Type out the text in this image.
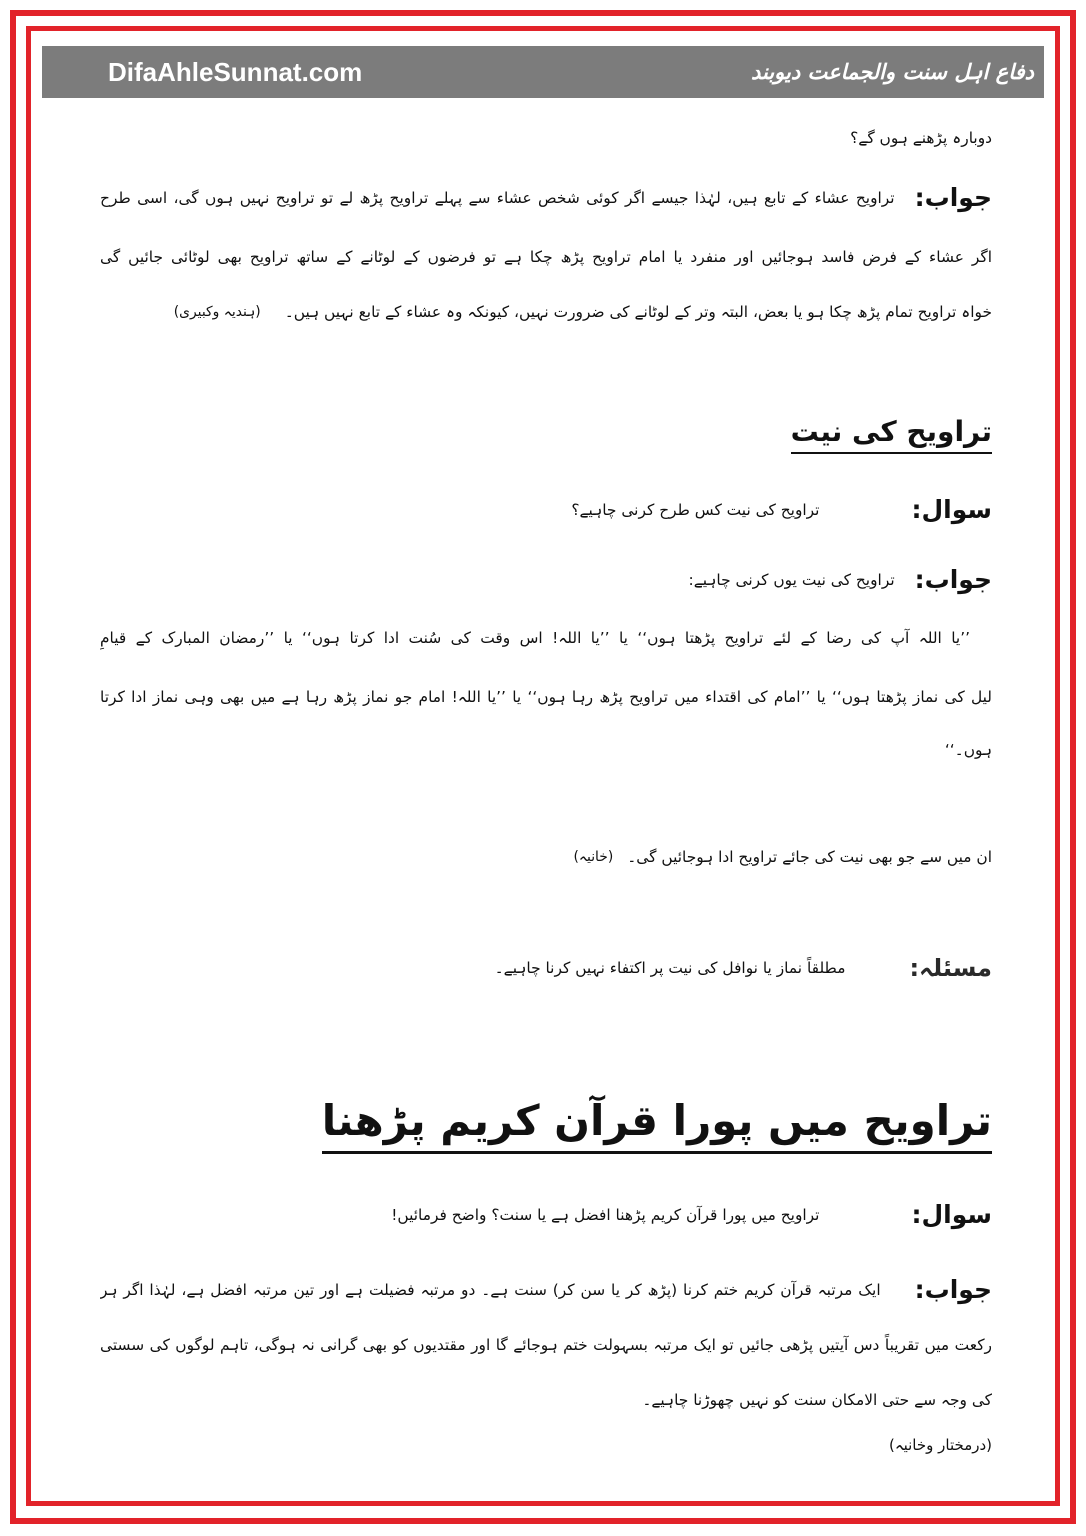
DifaAhleSunnat.com	دفاع اہل سنت والجماعت دیوبند
دوبارہ پڑھنے ہوں گے؟
جواب:
تراویح عشاء کے تابع ہیں، لہٰذا جیسے اگر کوئی شخص عشاء سے پہلے تراویح پڑھ لے تو تراویح نہیں ہوں گی، اسی طرح
اگر عشاء کے فرض فاسد ہوجائیں اور منفرد یا امام تراویح پڑھ چکا ہے تو فرضوں کے لوٹانے کے ساتھ تراویح بھی لوٹائی جائیں گی
خواہ تراویح تمام پڑھ چکا ہو یا بعض، البتہ وتر کے لوٹانے کی ضرورت نہیں، کیونکہ وہ عشاء کے تابع نہیں ہیں۔
(ہندیہ وکبیری)
تراویح کی نیت
سوال:
تراویح کی نیت کس طرح کرنی چاہیے؟
جواب:
تراویح کی نیت یوں کرنی چاہیے:
’’یا اللہ آپ کی رضا کے لئے تراویح پڑھتا ہوں‘‘ یا ’’یا اللہ! اس وقت کی سُنت ادا کرتا ہوں‘‘ یا ’’رمضان المبارک کے قیامِ
لیل کی نماز پڑھتا ہوں‘‘ یا ’’امام کی اقتداء میں تراویح پڑھ رہا ہوں‘‘ یا ’’یا اللہ! امام جو نماز پڑھ رہا ہے میں بھی وہی نماز ادا کرتا
ہوں۔‘‘
ان میں سے جو بھی نیت کی جائے تراویح ادا ہوجائیں گی۔
(خانیہ)
مسئلہ:
مطلقاً نماز یا نوافل کی نیت پر اکتفاء نہیں کرنا چاہیے۔
تراویح میں پورا قرآن کریم پڑھنا
سوال:
تراویح میں پورا قرآن کریم پڑھنا افضل ہے یا سنت؟ واضح فرمائیں!
جواب:
ایک مرتبہ قرآن کریم ختم کرنا (پڑھ کر یا سن کر) سنت ہے۔ دو مرتبہ فضیلت ہے اور تین مرتبہ افضل ہے، لہٰذا اگر ہر
رکعت میں تقریباً دس آیتیں پڑھی جائیں تو ایک مرتبہ بسہولت ختم ہوجائے گا اور مقتدیوں کو بھی گرانی نہ ہوگی، تاہم لوگوں کی سستی
کی وجہ سے حتی الامکان سنت کو نہیں چھوڑنا چاہیے۔
(درمختار وخانیہ)
